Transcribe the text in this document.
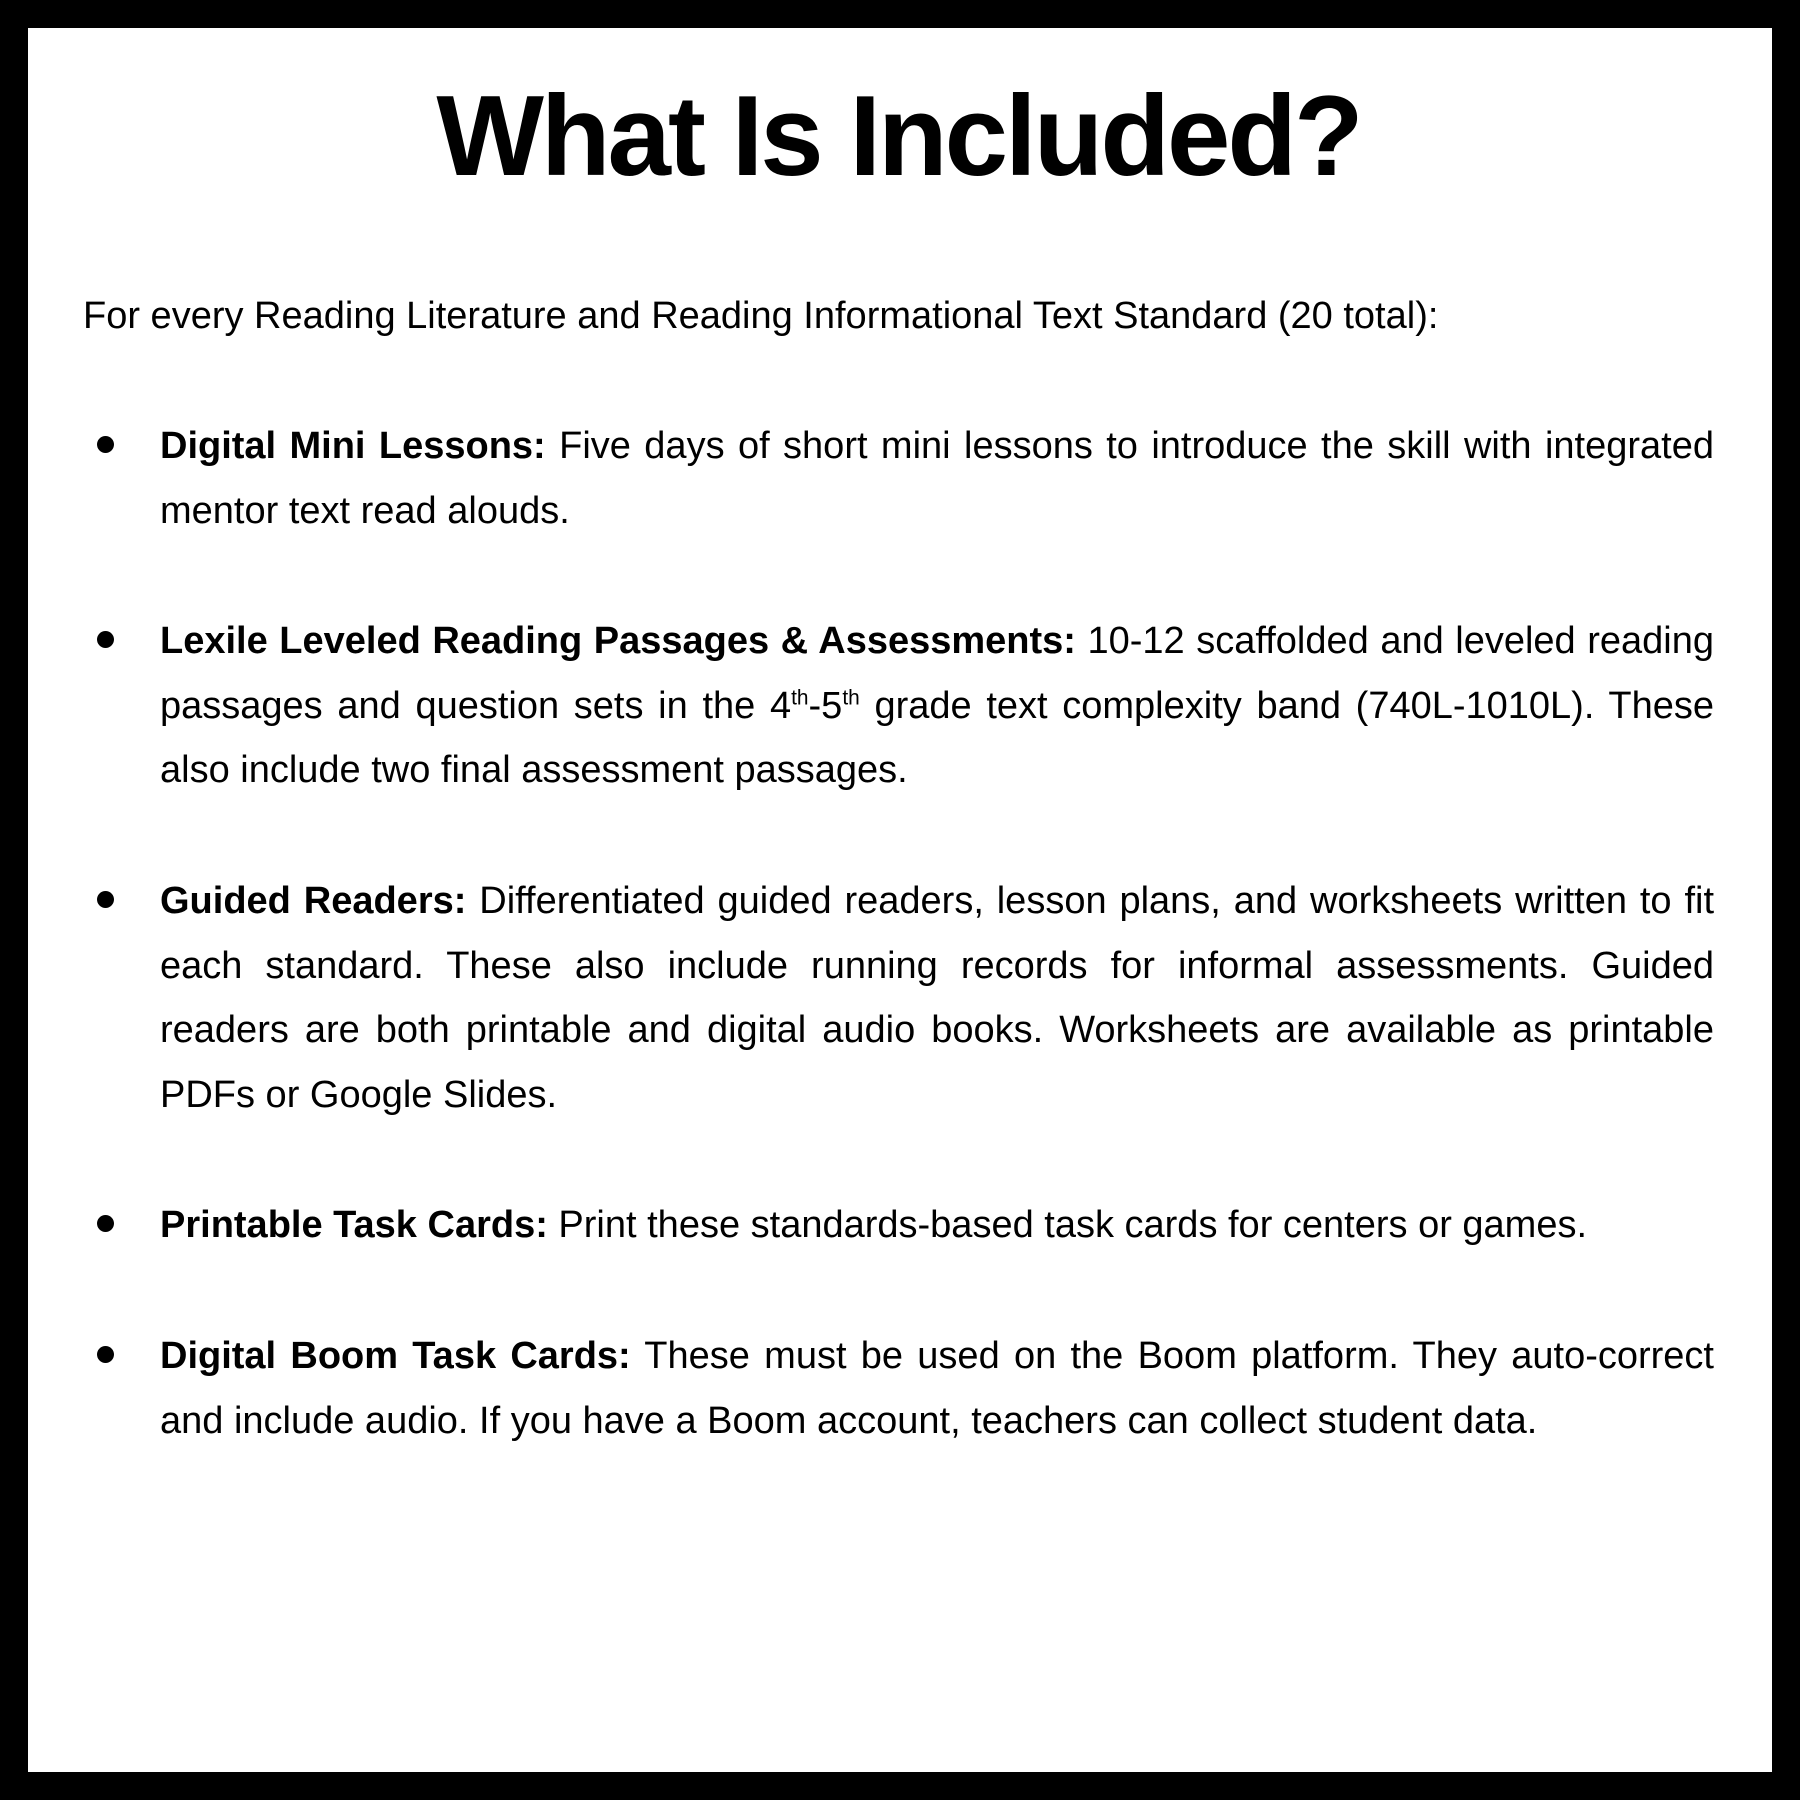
What Is Included?

For every Reading Literature and Reading Informational Text Standard (20 total):

Digital Mini Lessons: Five days of short mini lessons to introduce the skill with integrated mentor text read alouds.

Lexile Leveled Reading Passages & Assessments: 10-12 scaffolded and leveled reading passages and question sets in the 4th-5th grade text complexity band (740L-1010L). These also include two final assessment passages.

Guided Readers: Differentiated guided readers, lesson plans, and worksheets written to fit each standard. These also include running records for informal assessments. Guided readers are both printable and digital audio books. Worksheets are available as printable PDFs or Google Slides.

Printable Task Cards: Print these standards-based task cards for centers or games.

Digital Boom Task Cards: These must be used on the Boom platform. They auto-correct and include audio. If you have a Boom account, teachers can collect student data.
